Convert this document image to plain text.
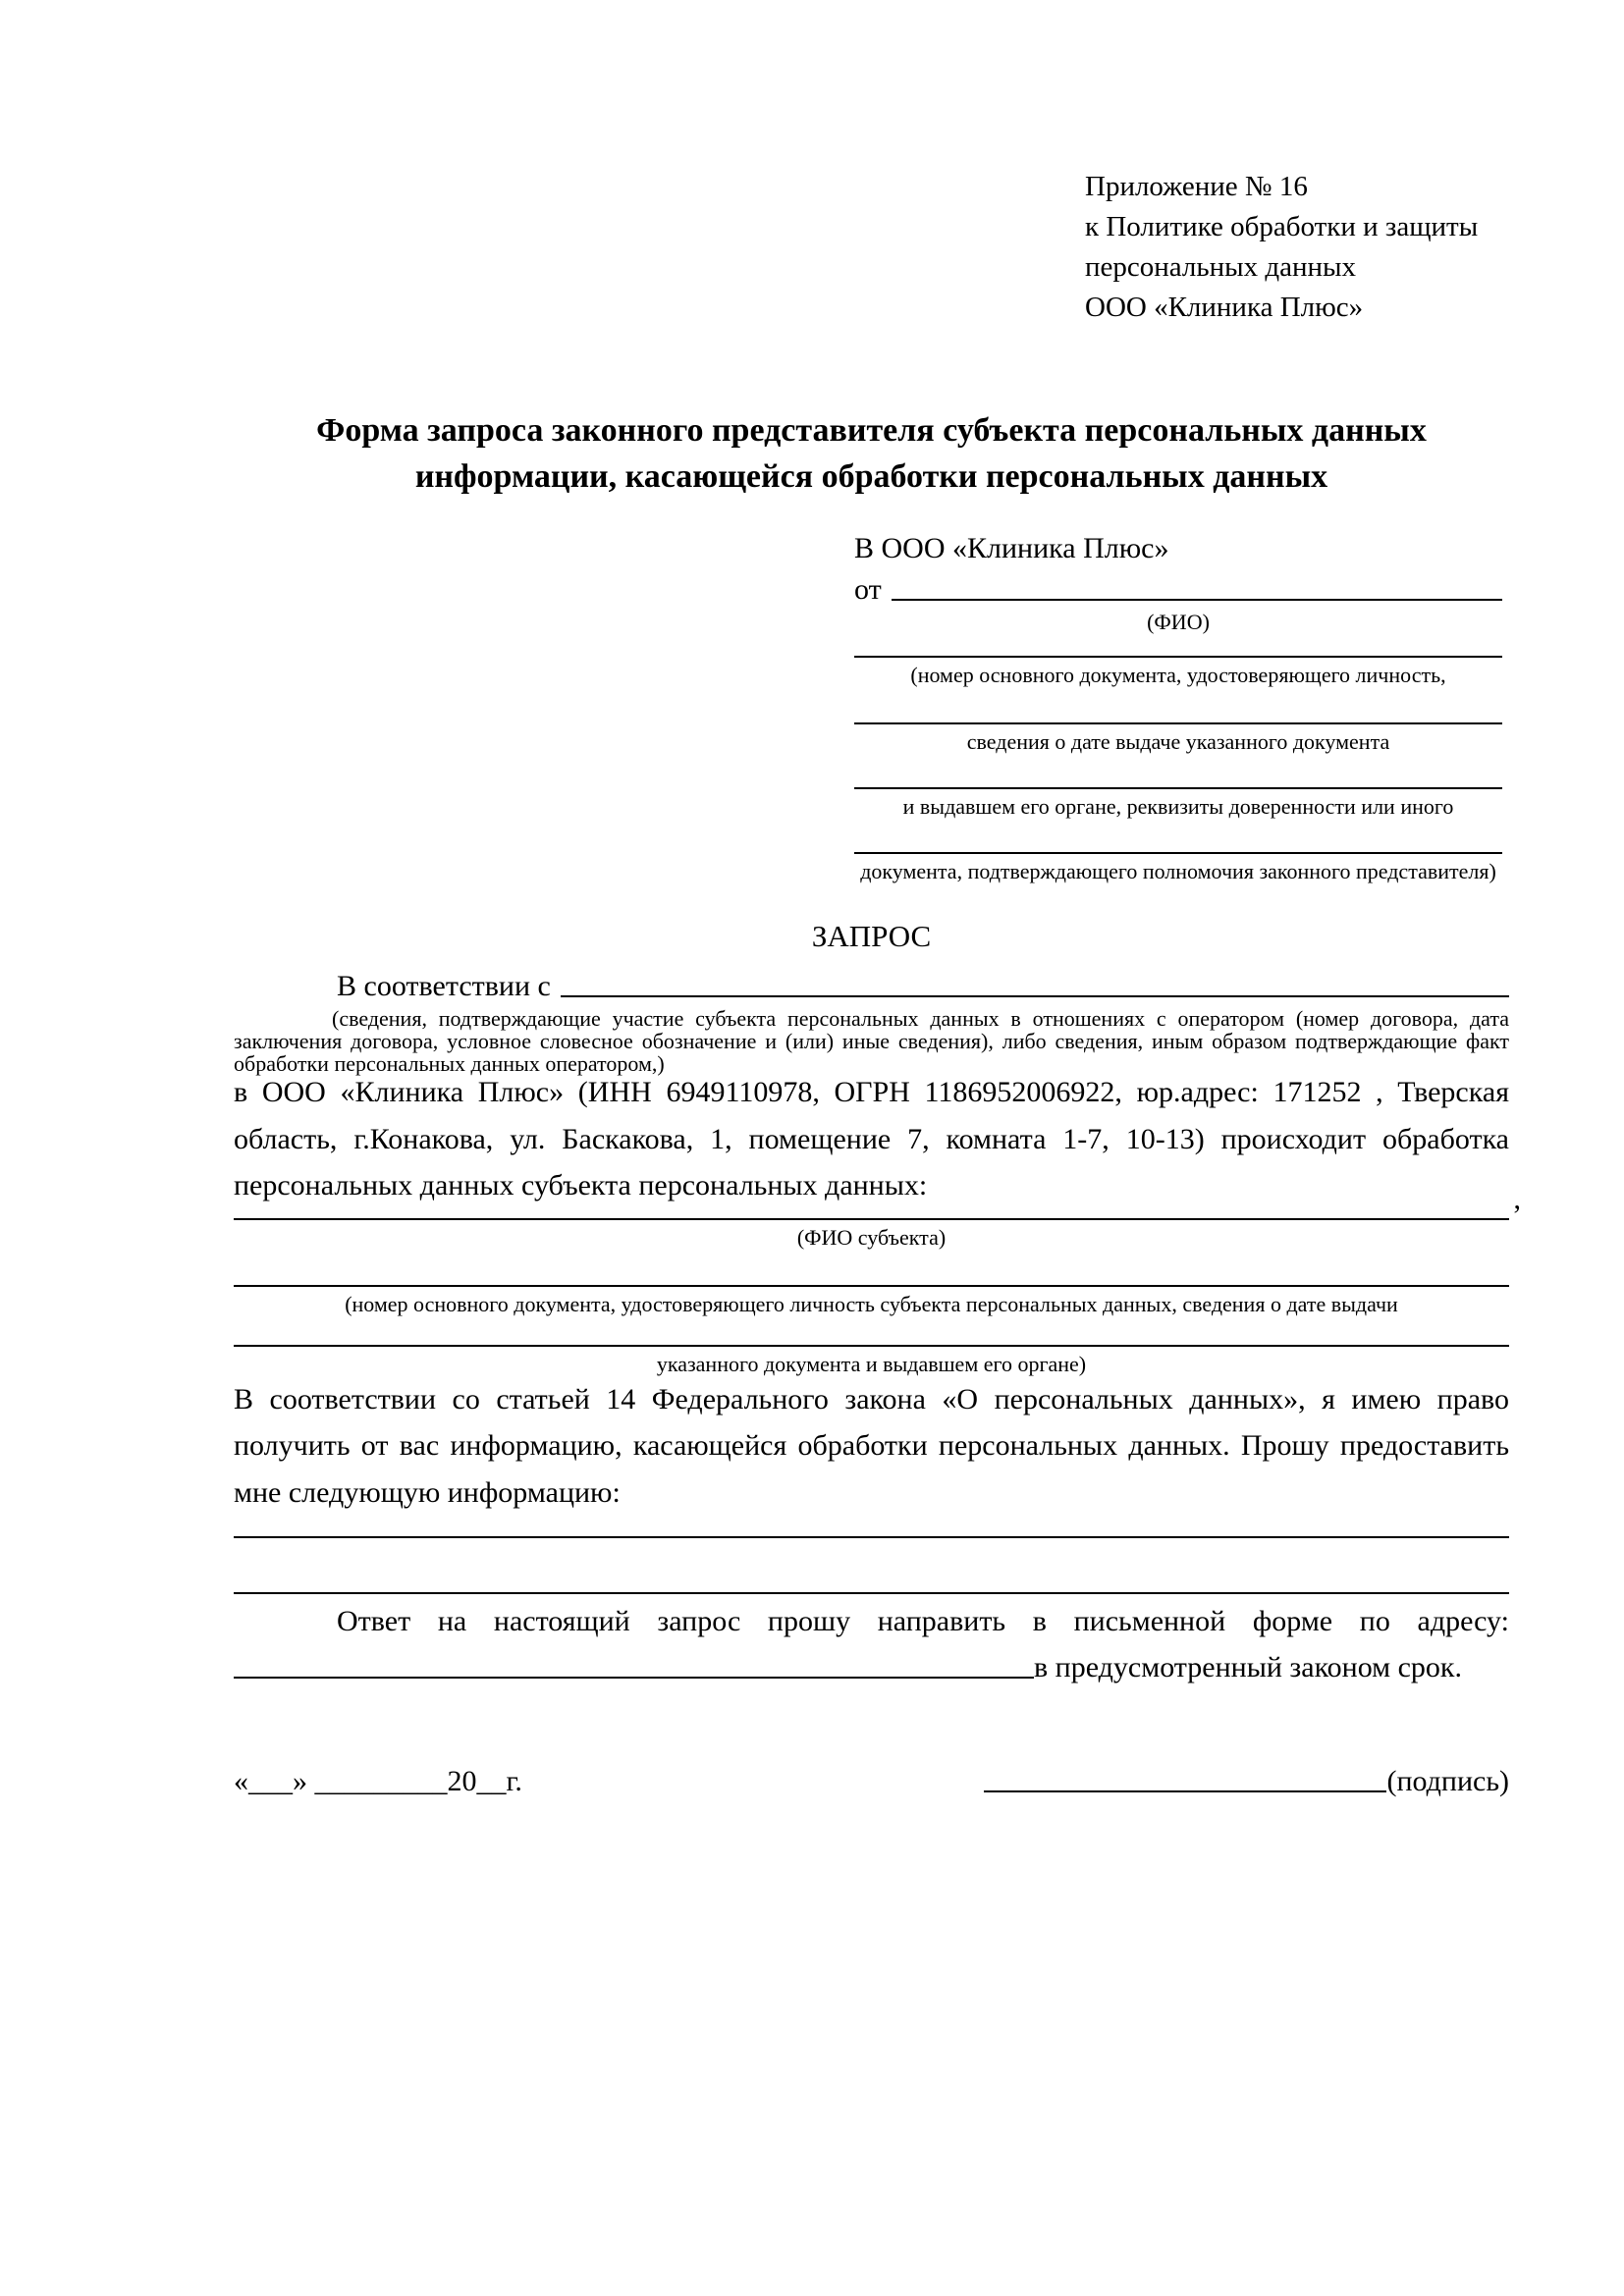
Приложение № 16
к Политике обработки и защиты
персональных данных
ООО «Клиника Плюс»
Форма запроса законного представителя субъекта персональных данных
информации, касающейся обработки персональных данных
В ООО «Клиника Плюс»
от
(ФИО)
(номер основного документа, удостоверяющего личность,
сведения о дате выдаче указанного документа
и выдавшем его органе, реквизиты доверенности или иного
документа, подтверждающего полномочия законного представителя)
ЗАПРОС
В соответствии с
(сведения, подтверждающие участие субъекта персональных данных в отношениях с оператором (номер договора, дата заключения договора, условное словесное обозначение и (или) иные сведения), либо сведения, иным образом подтверждающие факт обработки персональных данных оператором,)
в ООО «Клиника Плюс» (ИНН 6949110978, ОГРН 1186952006922, юр.адрес: 171252 , Тверская область, г.Конакова, ул. Баскакова, 1, помещение 7, комната 1-7, 10-13) происходит обработка персональных данных субъекта персональных данных:	,
(ФИО субъекта)
(номер основного документа, удостоверяющего личность субъекта персональных данных, сведения о дате выдачи
указанного документа и выдавшем его органе)
В соответствии со статьей 14 Федерального закона «О персональных данных», я имею право получить от вас информацию, касающейся обработки персональных данных. Прошу предоставить мне следующую информацию:
Ответ на настоящий запрос прошу направить в письменной форме по адресу:
в предусмотренный законом срок.
«___» _________20__г.	(подпись)
